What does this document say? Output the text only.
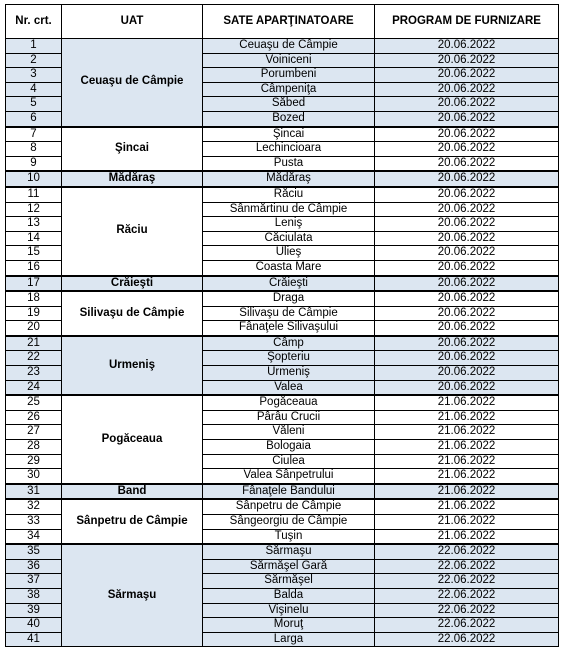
Nr. crt.	UAT	SATE APARŢINATOARE	PROGRAM DE FURNIZARE
1	Ceuaşu de Câmpie	Ceuaşu de Câmpie	20.06.2022
2		Voiniceni	20.06.2022
3		Porumbeni	20.06.2022
4		Câmpeniţa	20.06.2022
5		Săbed	20.06.2022
6		Bozed	20.06.2022
7	Şincai	Şincai	20.06.2022
8		Lechincioara	20.06.2022
9		Pusta	20.06.2022
10	Mădăraş	Mădăraş	20.06.2022
11	Răciu	Răciu	20.06.2022
12		Sânmărtinu de Câmpie	20.06.2022
13		Leniş	20.06.2022
14		Căciulata	20.06.2022
15		Ulieş	20.06.2022
16		Coasta Mare	20.06.2022
17	Crăieşti	Crăieşti	20.06.2022
18	Silivaşu de Câmpie	Draga	20.06.2022
19		Silivaşu de Câmpie	20.06.2022
20		Fânaţele Silivaşului	20.06.2022
21	Urmeniş	Câmp	20.06.2022
22		Şopteriu	20.06.2022
23		Urmeniş	20.06.2022
24		Valea	20.06.2022
25	Pogăceaua	Pogăceaua	21.06.2022
26		Pârâu Crucii	21.06.2022
27		Văleni	21.06.2022
28		Bologaia	21.06.2022
29		Ciulea	21.06.2022
30		Valea Sânpetrului	21.06.2022
31	Band	Fânaţele Bandului	21.06.2022
32	Sânpetru de Câmpie	Sânpetru de Câmpie	21.06.2022
33		Sângeorgiu de Câmpie	21.06.2022
34		Tuşin	21.06.2022
35	Sărmaşu	Sărmaşu	22.06.2022
36		Sărmăşel Gară	22.06.2022
37		Sărmăşel	22.06.2022
38		Balda	22.06.2022
39		Vişinelu	22.06.2022
40		Moruţ	22.06.2022
41		Larga	22.06.2022
